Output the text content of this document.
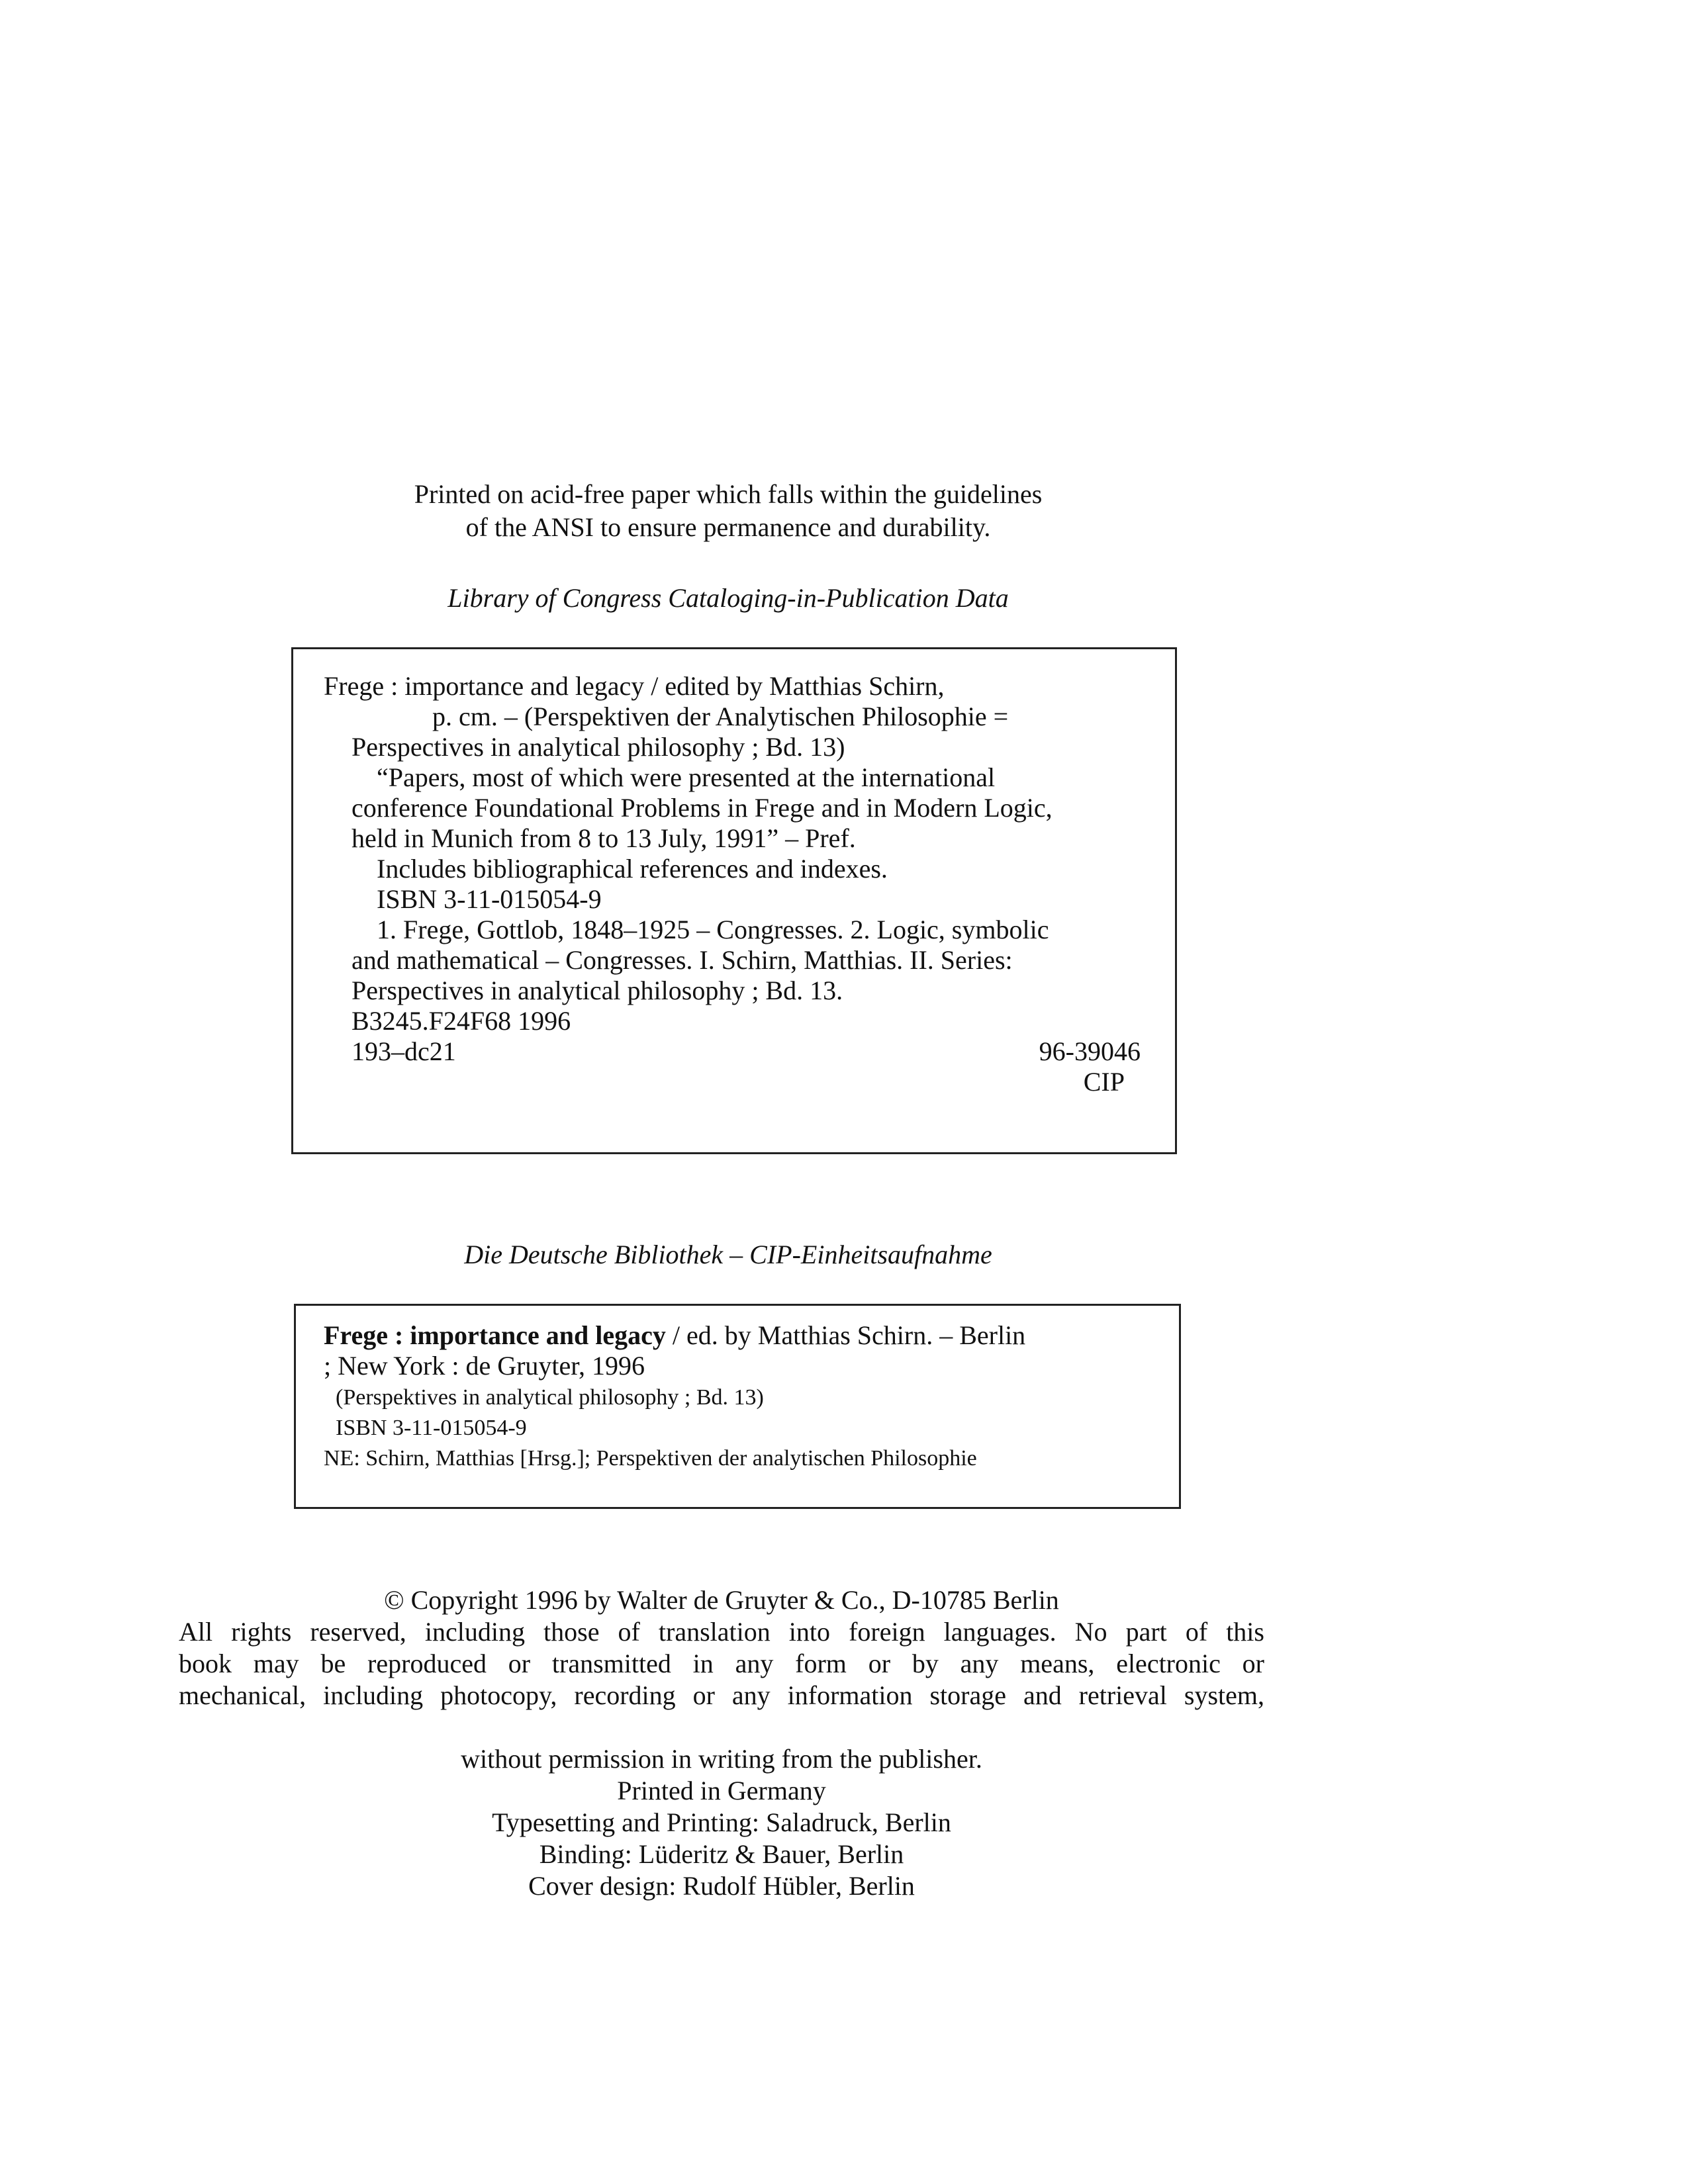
Printed on acid-free paper which falls within the guidelines
of the ANSI to ensure permanence and durability.
Library of Congress Cataloging-in-Publication Data
Frege : importance and legacy / edited by Matthias Schirn,
p. cm. – (Perspektiven der Analytischen Philosophie =
Perspectives in analytical philosophy ; Bd. 13)
“Papers, most of which were presented at the international
conference Foundational Problems in Frege and in Modern Logic,
held in Munich from 8 to 13 July, 1991” – Pref.
Includes bibliographical references and indexes.
ISBN 3-11-015054-9
1. Frege, Gottlob, 1848–1925 – Congresses. 2. Logic, symbolic
and mathematical – Congresses. I. Schirn, Matthias. II. Series:
Perspectives in analytical philosophy ; Bd. 13.
B3245.F24F68 1996
193–dc21	96-39046
CIP
Die Deutsche Bibliothek – CIP-Einheitsaufnahme
Frege : importance and legacy / ed. by Matthias Schirn. – Berlin
; New York : de Gruyter, 1996
(Perspektives in analytical philosophy ; Bd. 13)
ISBN 3-11-015054-9
NE: Schirn, Matthias [Hrsg.]; Perspektiven der analytischen Philosophie
© Copyright 1996 by Walter de Gruyter & Co., D-10785 Berlin
All rights reserved, including those of translation into foreign languages. No part of this
book may be reproduced or transmitted in any form or by any means, electronic or
mechanical, including photocopy, recording or any information storage and retrieval system,
without permission in writing from the publisher.
Printed in Germany
Typesetting and Printing: Saladruck, Berlin
Binding: Lüderitz & Bauer, Berlin
Cover design: Rudolf Hübler, Berlin
